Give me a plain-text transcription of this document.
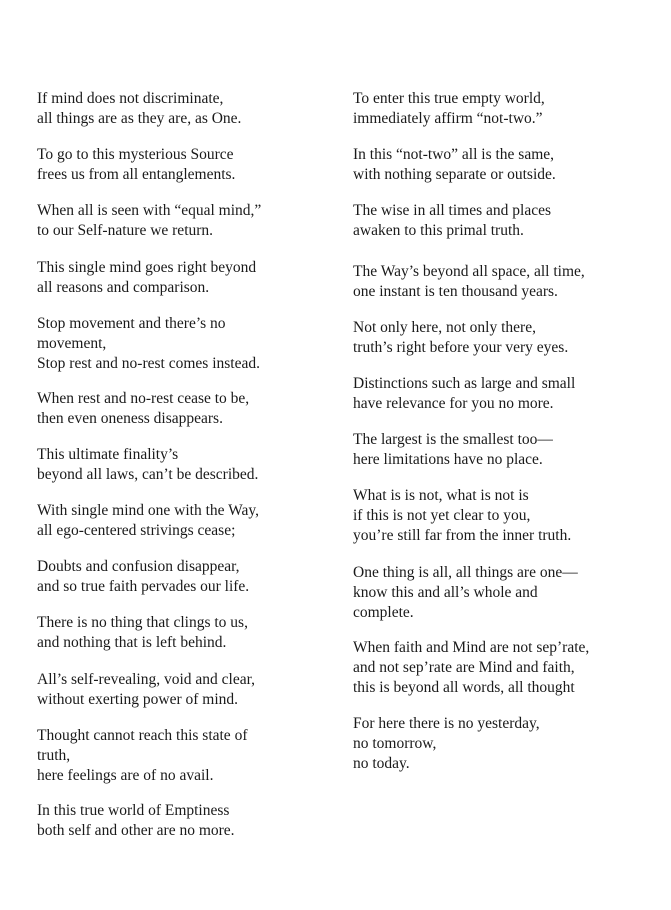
If mind does not discriminate,
all things are as they are, as One.

To go to this mysterious Source
frees us from all entanglements.

When all is seen with “equal mind,”
to our Self-nature we return.

This single mind goes right beyond
all reasons and comparison.

Stop movement and there’s no
movement,
Stop rest and no-rest comes instead.

When rest and no-rest cease to be,
then even oneness disappears.

This ultimate finality’s
beyond all laws, can’t be described.

With single mind one with the Way,
all ego-centered strivings cease;

Doubts and confusion disappear,
and so true faith pervades our life.

There is no thing that clings to us,
and nothing that is left behind.

All’s self-revealing, void and clear,
without exerting power of mind.

Thought cannot reach this state of
truth,
here feelings are of no avail.

In this true world of Emptiness
both self and other are no more.

To enter this true empty world,
immediately affirm “not-two.”

In this “not-two” all is the same,
with nothing separate or outside.

The wise in all times and places
awaken to this primal truth.

The Way’s beyond all space, all time,
one instant is ten thousand years.

Not only here, not only there,
truth’s right before your very eyes.

Distinctions such as large and small
have relevance for you no more.

The largest is the smallest too—
here limitations have no place.

What is is not, what is not is
if this is not yet clear to you,
you’re still far from the inner truth.

One thing is all, all things are one—
know this and all’s whole and
complete.

When faith and Mind are not sep’rate,
and not sep’rate are Mind and faith,
this is beyond all words, all thought

For here there is no yesterday,
no tomorrow,
no today.
